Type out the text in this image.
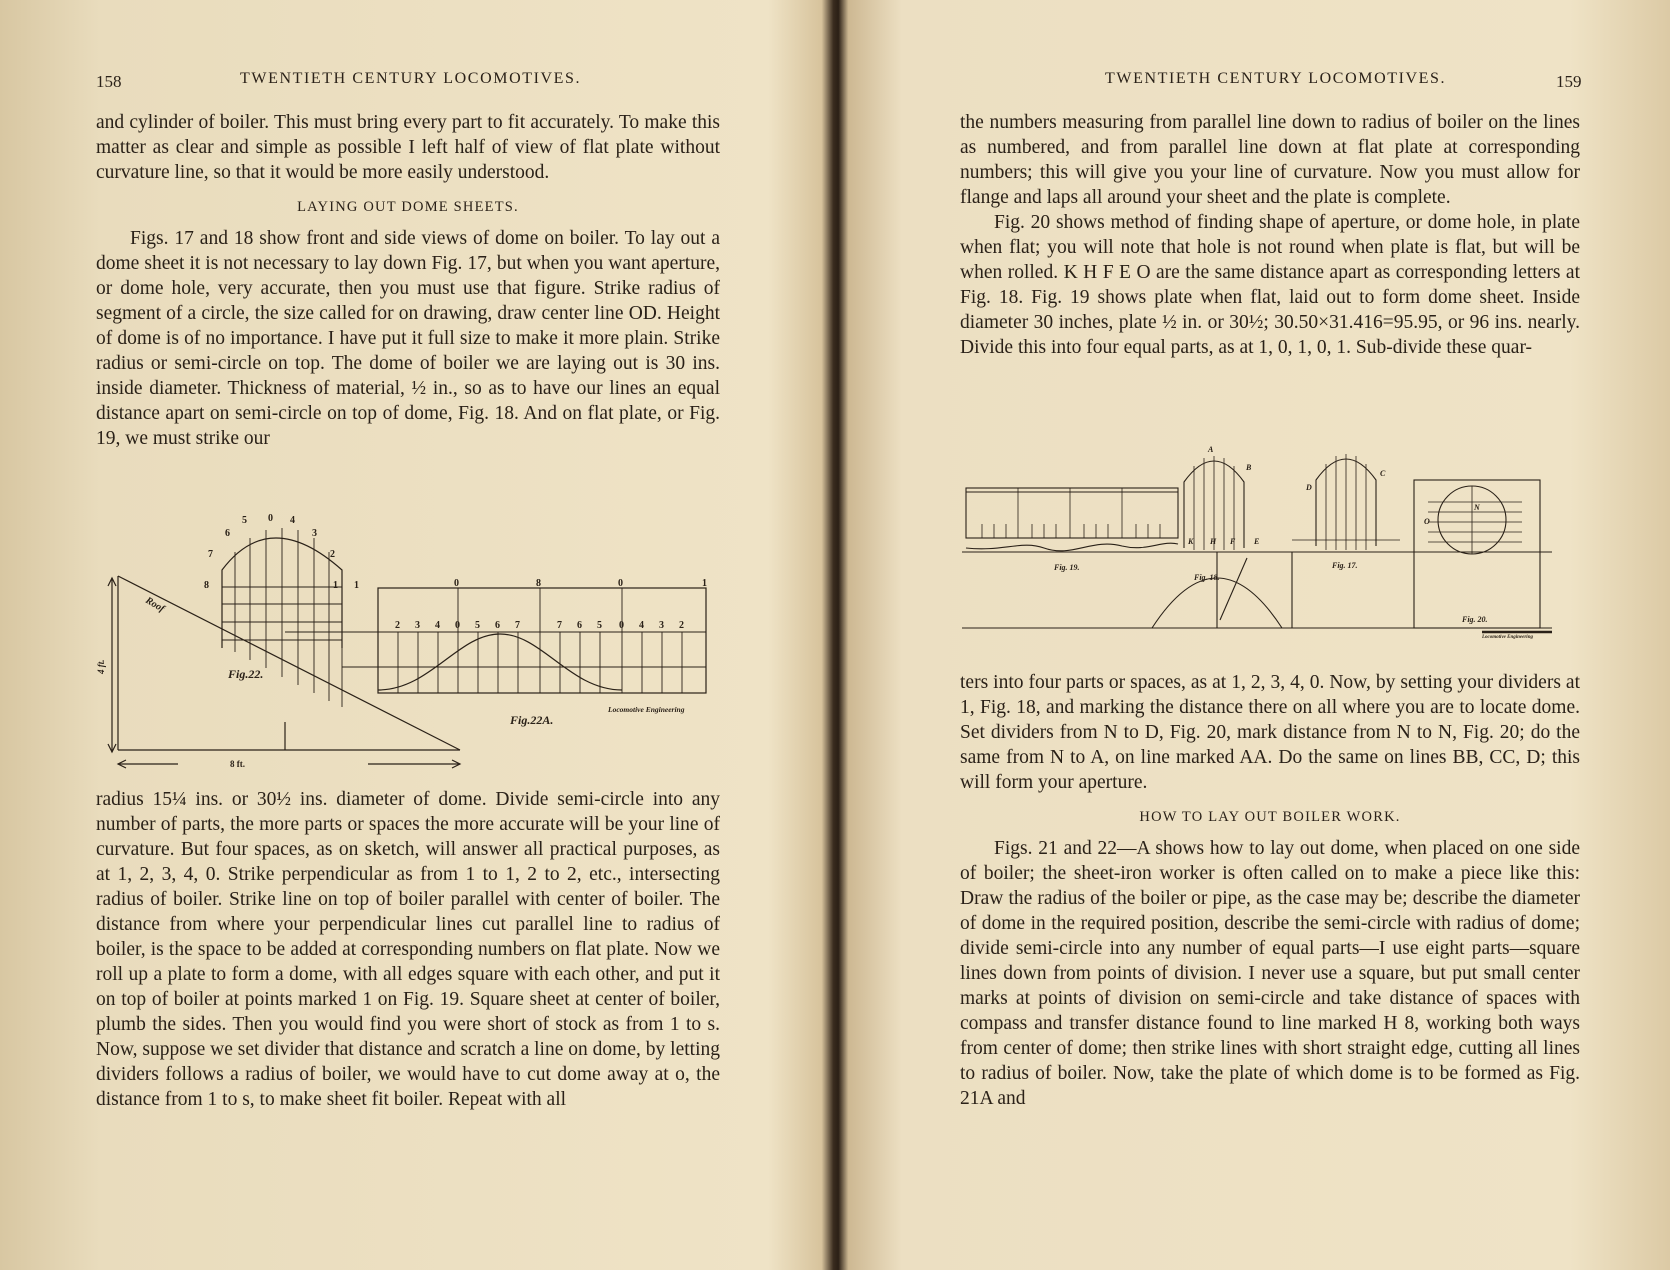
158	TWENTIETH CENTURY LOCOMOTIVES.

and cylinder of boiler. This must bring every part to fit accurately. To make this matter as clear and simple as possible I left half of view of flat plate without curvature line, so that it would be more easily understood.

LAYING OUT DOME SHEETS.

Figs. 17 and 18 show front and side views of dome on boiler. To lay out a dome sheet it is not necessary to lay down Fig. 17, but when you want aperture, or dome hole, very accurate, then you must use that figure. Strike radius of segment of a circle, the size called for on drawing, draw center line OD. Height of dome is of no importance. I have put it full size to make it more plain. Strike radius or semi-circle on top. The dome of boiler we are laying out is 30 ins. inside diameter. Thickness of material, ½ in., so as to have our lines an equal distance apart on semi-circle on top of dome, Fig. 18. And on flat plate, or Fig. 19, we must strike our

5 0 4
6	3
7	2
8	1 1	0	8	0	1
2 3 4 0 5 6 7	7 6 5 0 4 3 2
Fig.22.
Fig.22A.
Locomotive Engineering
Roof
4 ft.
8 ft.

radius 15¼ ins. or 30½ ins. diameter of dome. Divide semi-circle into any number of parts, the more parts or spaces the more accurate will be your line of curvature. But four spaces, as on sketch, will answer all practical purposes, as at 1, 2, 3, 4, 0. Strike perpendicular as from 1 to 1, 2 to 2, etc., intersecting radius of boiler. Strike line on top of boiler parallel with center of boiler. The distance from where your perpendicular lines cut parallel line to radius of boiler, is the space to be added at corresponding numbers on flat plate. Now we roll up a plate to form a dome, with all edges square with each other, and put it on top of boiler at points marked 1 on Fig. 19. Square sheet at center of boiler, plumb the sides. Then you would find you were short of stock as from 1 to s. Now, suppose we set divider that distance and scratch a line on dome, by letting dividers follows a radius of boiler, we would have to cut dome away at o, the distance from 1 to s, to make sheet fit boiler. Repeat with all

TWENTIETH CENTURY LOCOMOTIVES.	159

the numbers measuring from parallel line down to radius of boiler on the lines as numbered, and from parallel line down at flat plate at corresponding numbers; this will give you your line of curvature. Now you must allow for flange and laps all around your sheet and the plate is complete.

Fig. 20 shows method of finding shape of aperture, or dome hole, in plate when flat; you will note that hole is not round when plate is flat, but will be when rolled. K H F E O are the same distance apart as corresponding letters at Fig. 18. Fig. 19 shows plate when flat, laid out to form dome sheet. Inside diameter 30 inches, plate ½ in. or 30½; 30.50×31.416=95.95, or 96 ins. nearly. Divide this into four equal parts, as at 1, 0, 1, 0, 1. Sub-divide these quar-

Fig. 19.
Fig. 18.
Fig. 17.
Fig. 20.
Locomotive Engineering
A
B
C
D
N
O
K H F E

ters into four parts or spaces, as at 1, 2, 3, 4, 0. Now, by setting your dividers at 1, Fig. 18, and marking the distance there on all where you are to locate dome. Set dividers from N to D, Fig. 20, mark distance from N to N, Fig. 20; do the same from N to A, on line marked AA. Do the same on lines BB, CC, D; this will form your aperture.

HOW TO LAY OUT BOILER WORK.

Figs. 21 and 22—A shows how to lay out dome, when placed on one side of boiler; the sheet-iron worker is often called on to make a piece like this: Draw the radius of the boiler or pipe, as the case may be; describe the diameter of dome in the required position, describe the semi-circle with radius of dome; divide semi-circle into any number of equal parts—I use eight parts—square lines down from points of division. I never use a square, but put small center marks at points of division on semi-circle and take distance of spaces with compass and transfer distance found to line marked H 8, working both ways from center of dome; then strike lines with short straight edge, cutting all lines to radius of boiler. Now, take the plate of which dome is to be formed as Fig. 21A and
